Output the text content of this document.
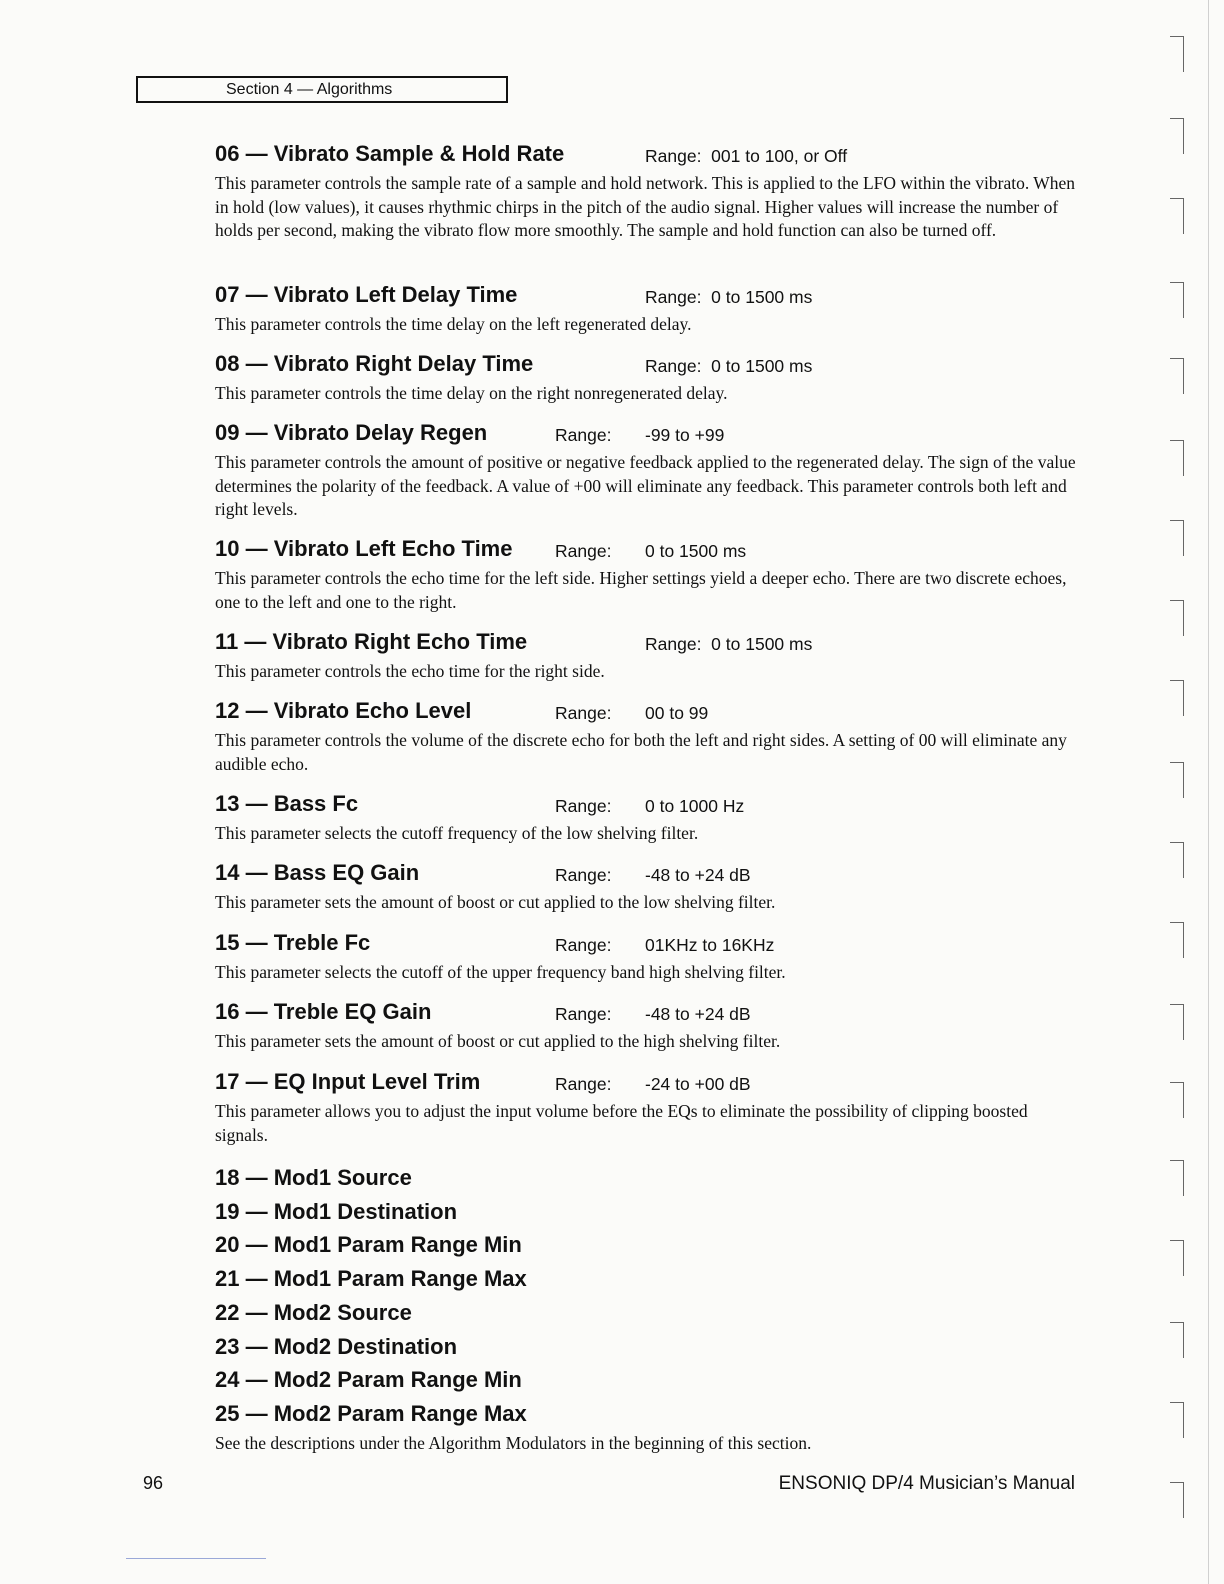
Section 4 — Algorithms
06 — Vibrato Sample & Hold Rate	Range: 001 to 100, or Off
This parameter controls the sample rate of a sample and hold network. This is applied to the LFO within the vibrato. When in hold (low values), it causes rhythmic chirps in the pitch of the audio signal. Higher values will increase the number of holds per second, making the vibrato flow more smoothly. The sample and hold function can also be turned off.
07 — Vibrato Left Delay Time	Range: 0 to 1500 ms
This parameter controls the time delay on the left regenerated delay.
08 — Vibrato Right Delay Time	Range: 0 to 1500 ms
This parameter controls the time delay on the right nonregenerated delay.
09 — Vibrato Delay Regen	Range: -99 to +99
This parameter controls the amount of positive or negative feedback applied to the regenerated delay. The sign of the value determines the polarity of the feedback. A value of +00 will eliminate any feedback. This parameter controls both left and right levels.
10 — Vibrato Left Echo Time Range: 0 to 1500 ms
This parameter controls the echo time for the left side. Higher settings yield a deeper echo. There are two discrete echoes, one to the left and one to the right.
11 — Vibrato Right Echo Time	Range: 0 to 1500 ms
This parameter controls the echo time for the right side.
12 — Vibrato Echo Level	Range: 00 to 99
This parameter controls the volume of the discrete echo for both the left and right sides. A setting of 00 will eliminate any audible echo.
13 — Bass Fc	Range: 0 to 1000 Hz
This parameter selects the cutoff frequency of the low shelving filter.
14 — Bass EQ Gain	Range: -48 to +24 dB
This parameter sets the amount of boost or cut applied to the low shelving filter.
15 — Treble Fc	Range: 01KHz to 16KHz
This parameter selects the cutoff of the upper frequency band high shelving filter.
16 — Treble EQ Gain	Range: -48 to +24 dB
This parameter sets the amount of boost or cut applied to the high shelving filter.
17 — EQ Input Level Trim	Range: -24 to +00 dB
This parameter allows you to adjust the input volume before the EQs to eliminate the possibility of clipping boosted signals.
18 — Mod1 Source
19 — Mod1 Destination
20 — Mod1 Param Range Min
21 — Mod1 Param Range Max
22 — Mod2 Source
23 — Mod2 Destination
24 — Mod2 Param Range Min
25 — Mod2 Param Range Max
See the descriptions under the Algorithm Modulators in the beginning of this section.
96	ENSONIQ DP/4 Musician’s Manual
